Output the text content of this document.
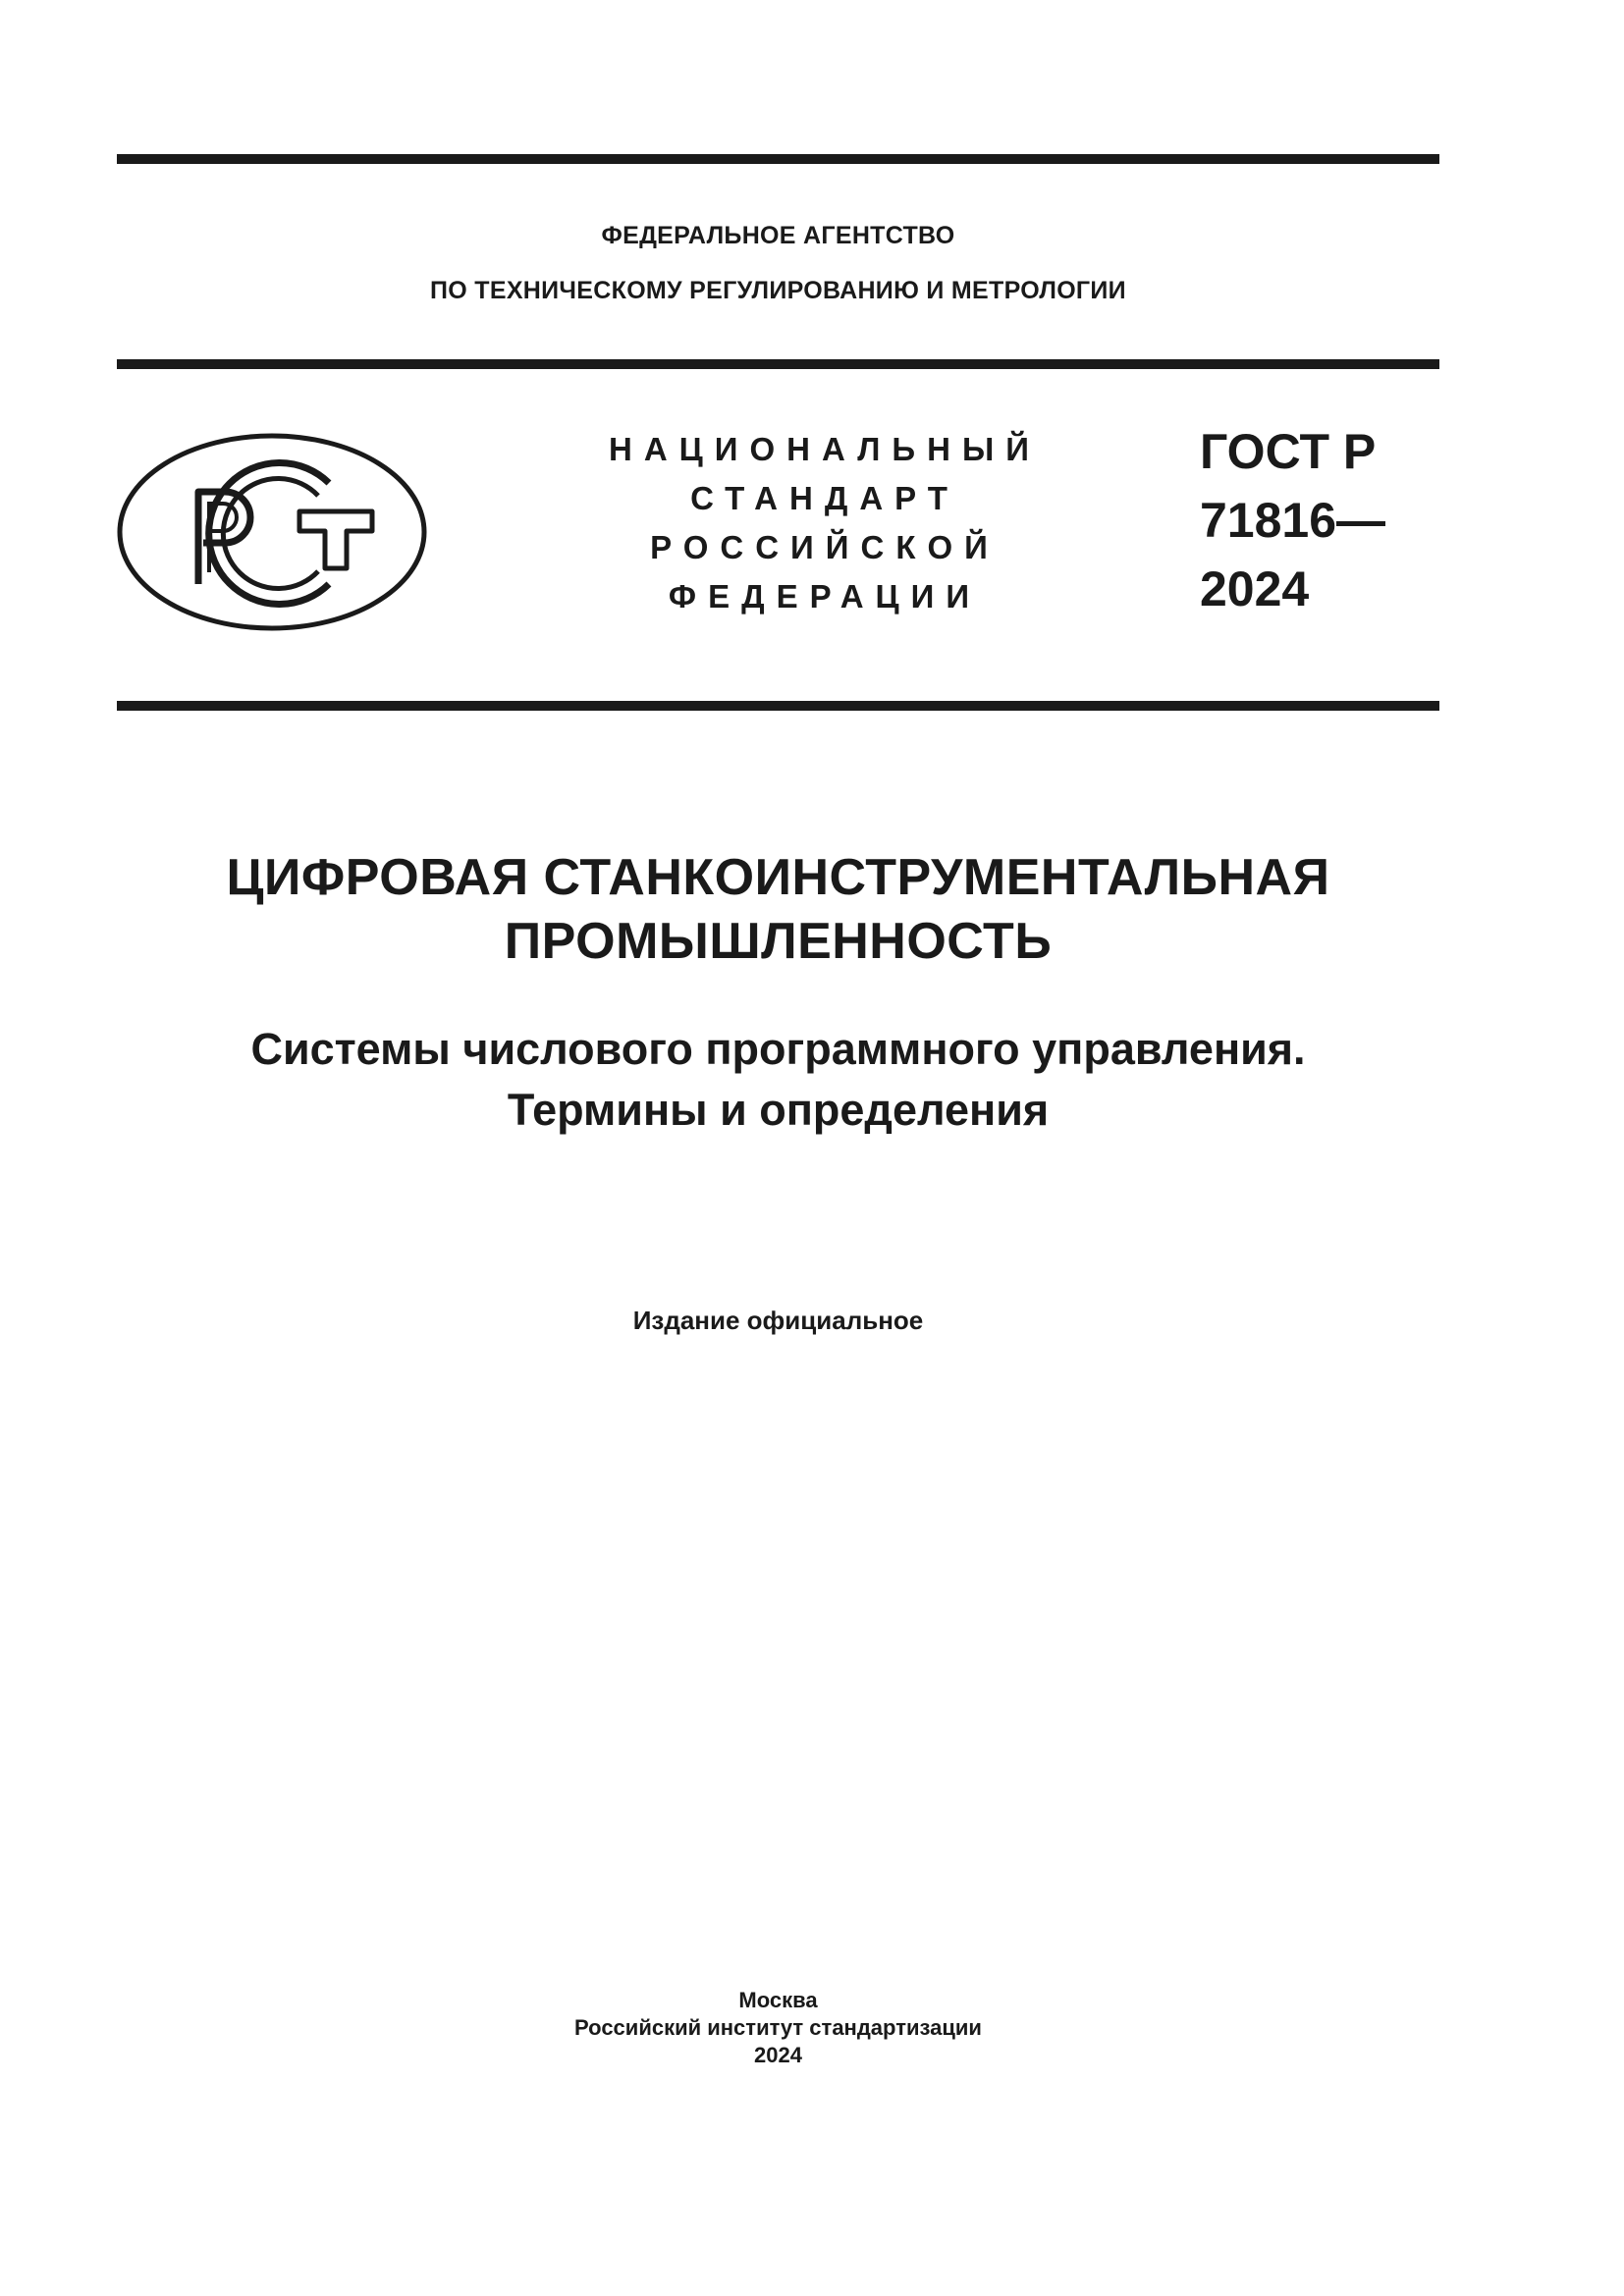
ФЕДЕРАЛЬНОЕ АГЕНТСТВО
ПО ТЕХНИЧЕСКОМУ РЕГУЛИРОВАНИЮ И МЕТРОЛОГИИ
НАЦИОНАЛЬНЫЙ
СТАНДАРТ
РОССИЙСКОЙ
ФЕДЕРАЦИИ
ГОСТ Р
71816—
2024
ЦИФРОВАЯ СТАНКОИНСТРУМЕНТАЛЬНАЯ
ПРОМЫШЛЕННОСТЬ
Системы числового программного управления.
Термины и определения
Издание официальное
Москва
Российский институт стандартизации
2024
